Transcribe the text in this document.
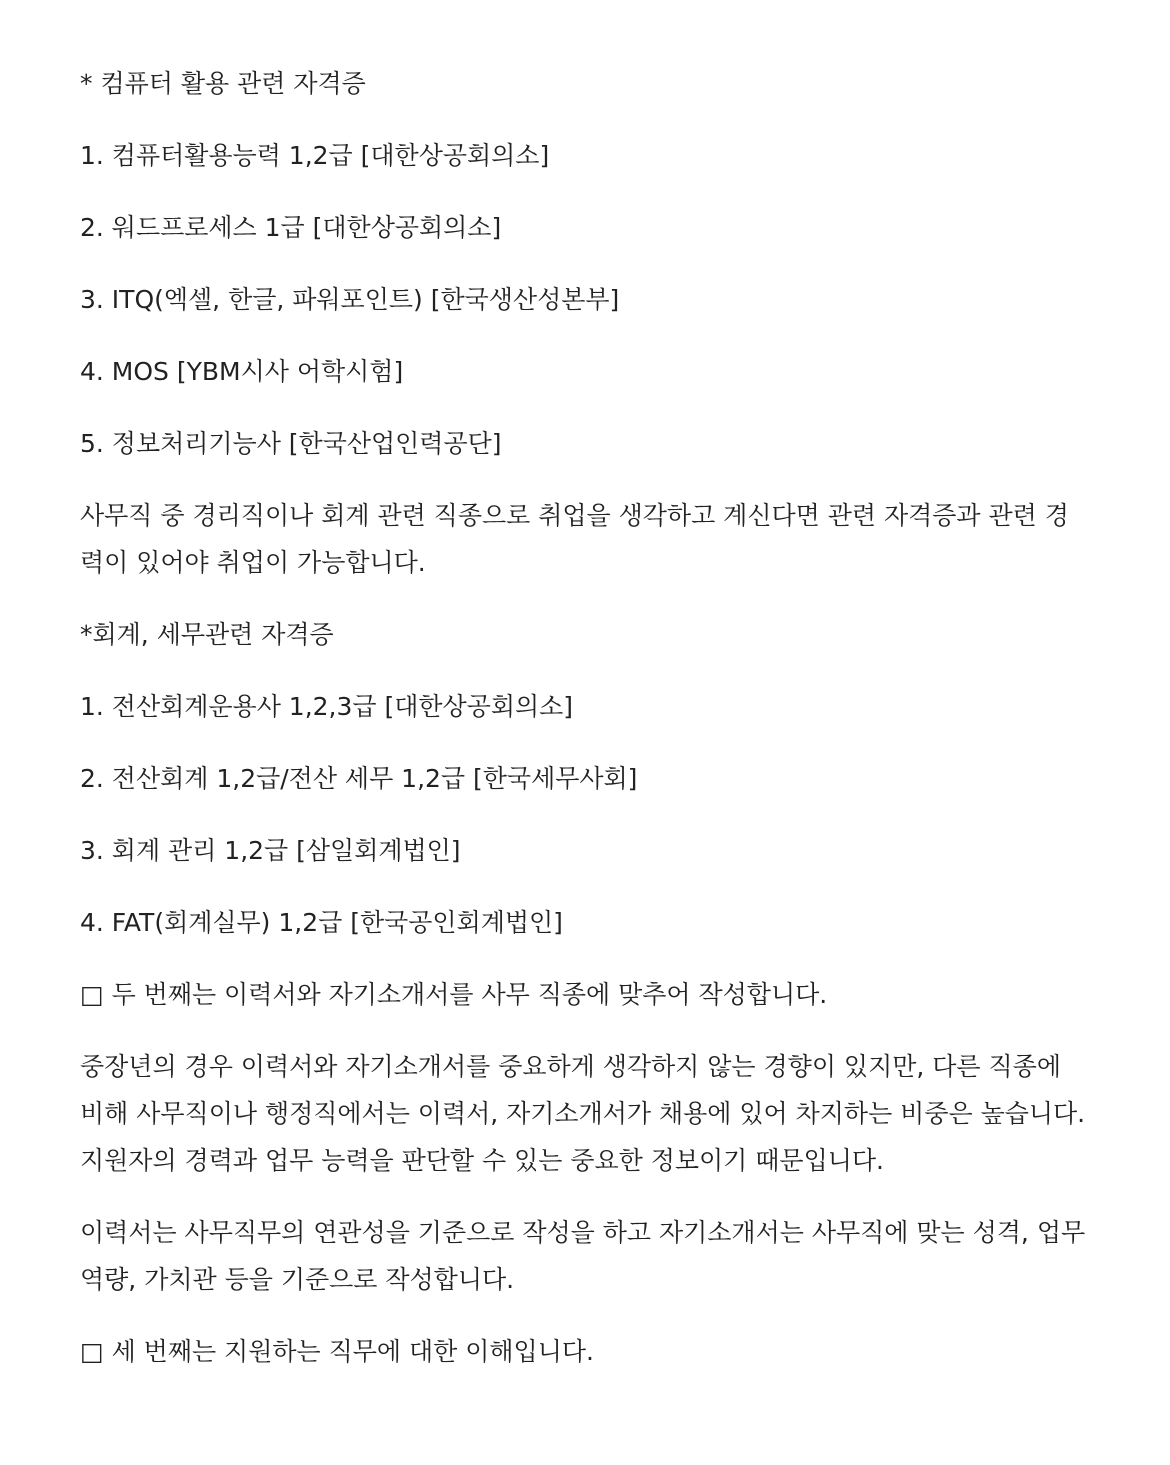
* 컴퓨터 활용 관련 자격증

1. 컴퓨터활용능력 1,2급 [대한상공회의소]

2. 워드프로세스 1급 [대한상공회의소]

3. ITQ(엑셀, 한글, 파워포인트) [한국생산성본부]

4. MOS [YBM시사 어학시험]

5. 정보처리기능사 [한국산업인력공단]

사무직 중 경리직이나 회계 관련 직종으로 취업을 생각하고 계신다면 관련 자격증과 관련 경력이 있어야 취업이 가능합니다.

*회계, 세무관련 자격증

1. 전산회계운용사 1,2,3급 [대한상공회의소]

2. 전산회계 1,2급/전산 세무 1,2급 [한국세무사회]

3. 회계 관리 1,2급 [삼일회계법인]

4. FAT(회계실무) 1,2급 [한국공인회계법인]

□ 두 번째는 이력서와 자기소개서를 사무 직종에 맞추어 작성합니다.

중장년의 경우 이력서와 자기소개서를 중요하게 생각하지 않는 경향이 있지만, 다른 직종에 비해 사무직이나 행정직에서는 이력서, 자기소개서가 채용에 있어 차지하는 비중은 높습니다. 지원자의 경력과 업무 능력을 판단할 수 있는 중요한 정보이기 때문입니다.

이력서는 사무직무의 연관성을 기준으로 작성을 하고 자기소개서는 사무직에 맞는 성격, 업무 역량, 가치관 등을 기준으로 작성합니다.

□ 세 번째는 지원하는 직무에 대한 이해입니다.
